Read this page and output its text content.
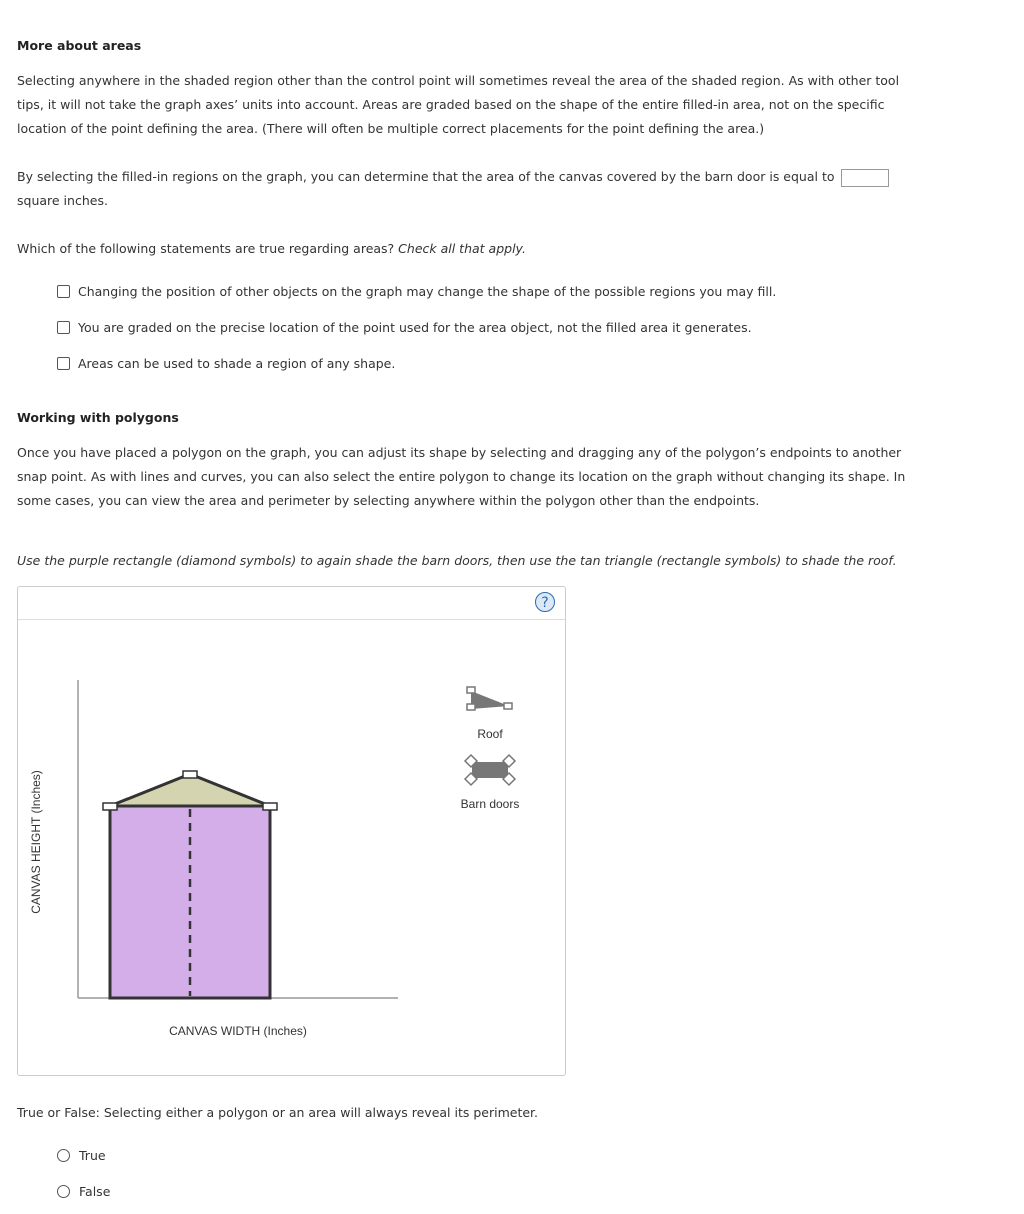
More about areas
Selecting anywhere in the shaded region other than the control point will sometimes reveal the area of the shaded region. As with other tool tips, it will not take the graph axes’ units into account. Areas are graded based on the shape of the entire filled-in area, not on the specific location of the point defining the area. (There will often be multiple correct placements for the point defining the area.)
By selecting the filled-in regions on the graph, you can determine that the area of the canvas covered by the barn door is equal to  square inches.
Which of the following statements are true regarding areas? Check all that apply.
Changing the position of other objects on the graph may change the shape of the possible regions you may fill.
You are graded on the precise location of the point used for the area object, not the filled area it generates.
Areas can be used to shade a region of any shape.
Working with polygons
Once you have placed a polygon on the graph, you can adjust its shape by selecting and dragging any of the polygon’s endpoints to another snap point. As with lines and curves, you can also select the entire polygon to change its location on the graph without changing its shape. In some cases, you can view the area and perimeter by selecting anywhere within the polygon other than the endpoints.
Use the purple rectangle (diamond symbols) to again shade the barn doors, then use the tan triangle (rectangle symbols) to shade the roof.
?
Roof
Barn doors
CANVAS HEIGHT (Inches)
CANVAS WIDTH (Inches)
True or False: Selecting either a polygon or an area will always reveal its perimeter.
True
False
